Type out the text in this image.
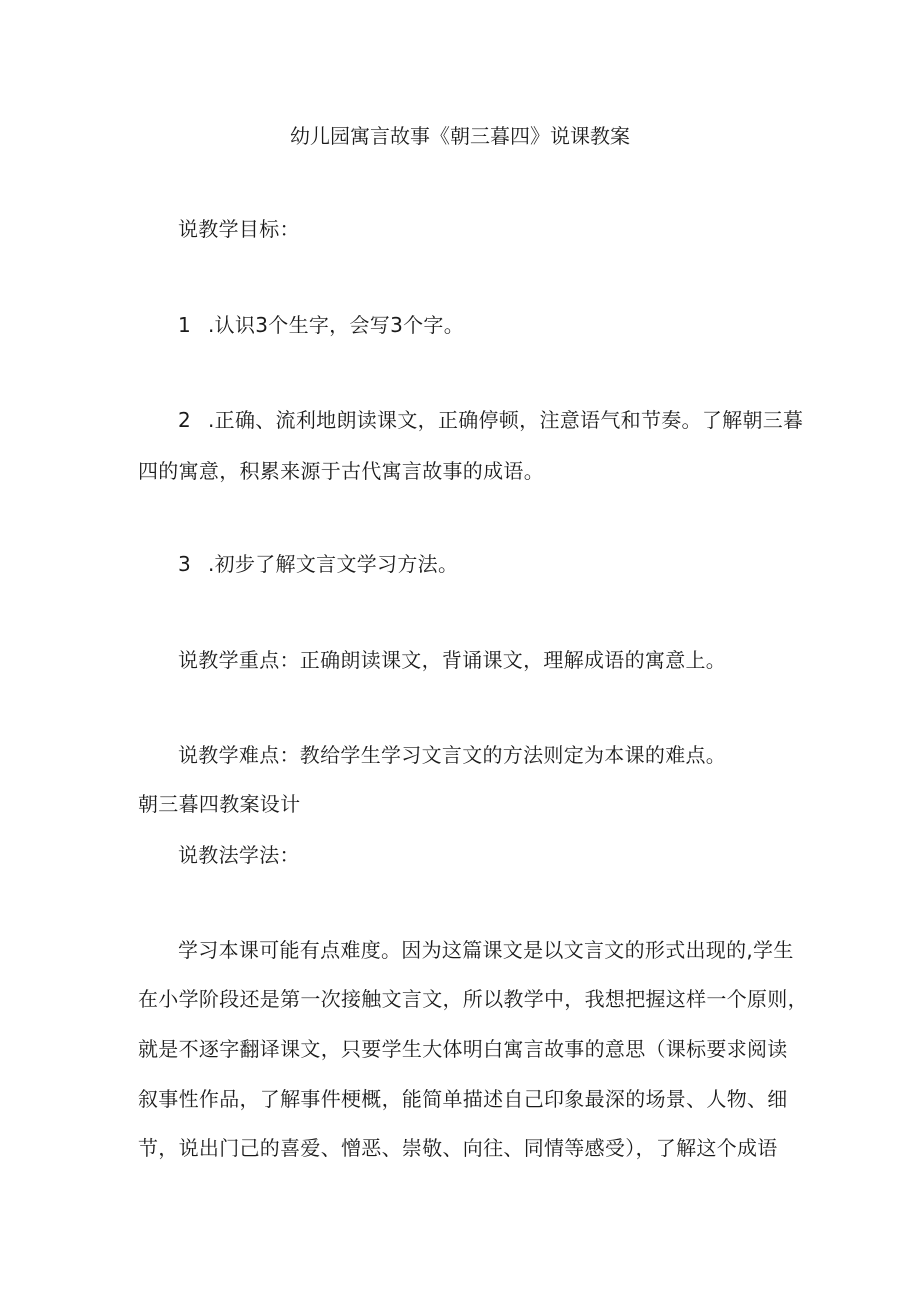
幼儿园寓言故事《朝三暮四》说课教案
说教学目标：
1 .认识3个生字，会写3个字。
2 .正确、流利地朗读课文，正确停顿，注意语气和节奏。了解朝三暮
四的寓意，积累来源于古代寓言故事的成语。
3 .初步了解文言文学习方法。
说教学重点：正确朗读课文，背诵课文，理解成语的寓意上。
说教学难点：教给学生学习文言文的方法则定为本课的难点。
朝三暮四教案设计
说教法学法：
学习本课可能有点难度。因为这篇课文是以文言文的形式出现的,学生
在小学阶段还是第一次接触文言文，所以教学中，我想把握这样一个原则，
就是不逐字翻译课文，只要学生大体明白寓言故事的意思（课标要求阅读
叙事性作品，了解事件梗概，能简单描述自己印象最深的场景、人物、细
节，说出门己的喜爱、憎恶、崇敬、向往、同情等感受），了解这个成语
